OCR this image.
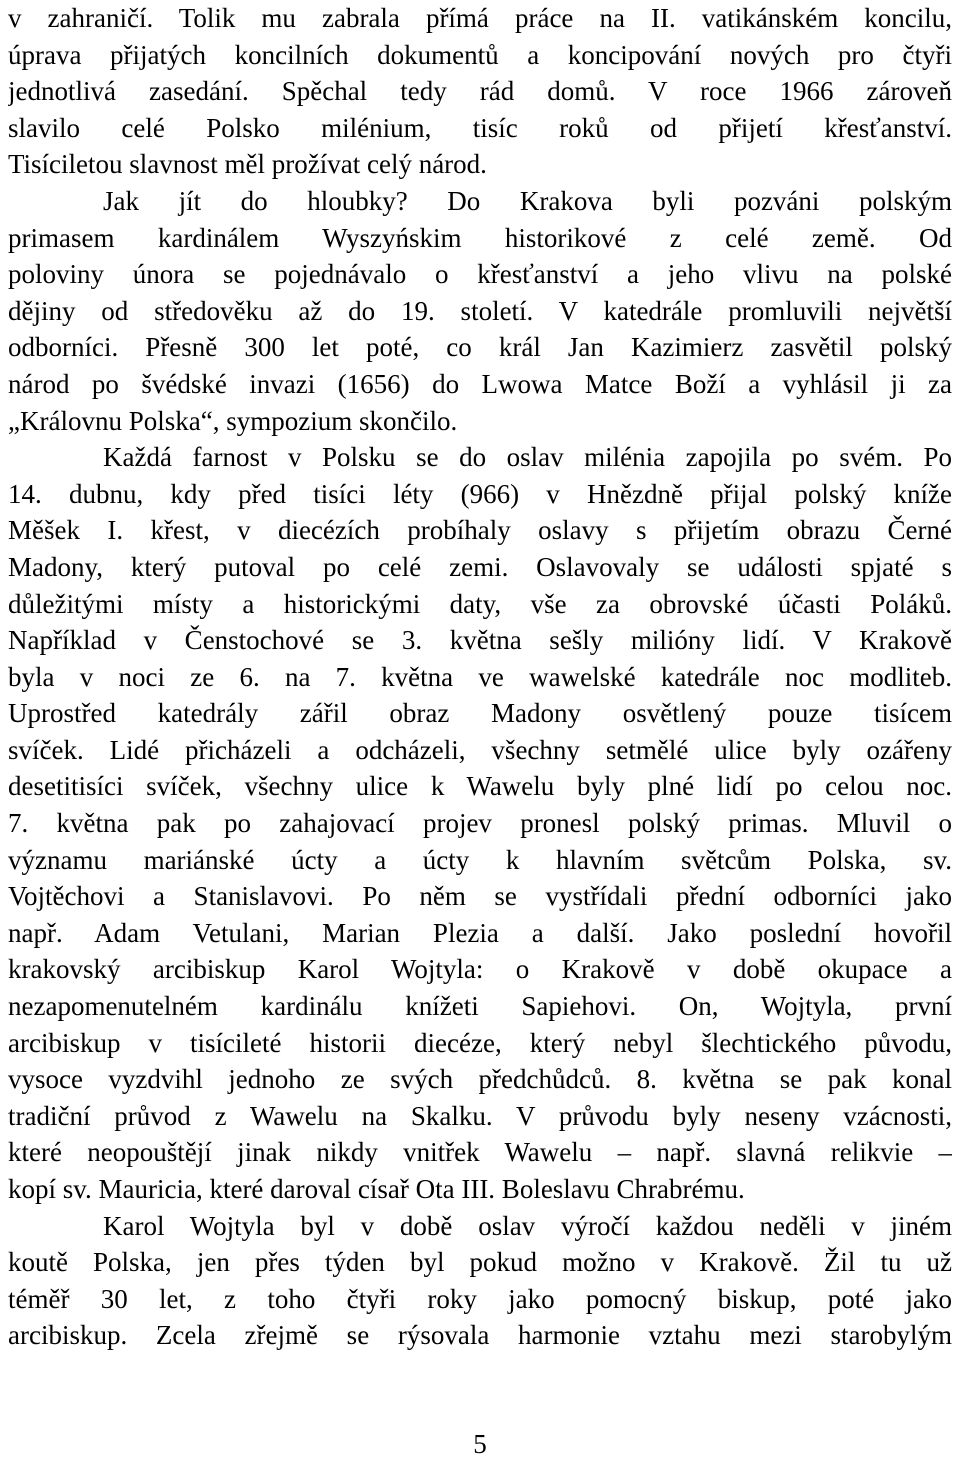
v zahraničí. Tolik mu zabrala přímá práce na II. vatikánském koncilu,
úprava přijatých koncilních dokumentů a koncipování nových pro čtyři
jednotlivá zasedání. Spěchal tedy rád domů. V roce 1966 zároveň
slavilo celé Polsko milénium, tisíc roků od přijetí křesťanství.
Tisíciletou slavnost měl prožívat celý národ.
Jak jít do hloubky? Do Krakova byli pozváni polským
primasem kardinálem Wyszyńskim historikové z celé země. Od
poloviny února se pojednávalo o křesťanství a jeho vlivu na polské
dějiny od středověku až do 19. století. V katedrále promluvili největší
odborníci. Přesně 300 let poté, co král Jan Kazimierz zasvětil polský
národ po švédské invazi (1656) do Lwowa Matce Boží a vyhlásil ji za
„Královnu Polska“, sympozium skončilo.
Každá farnost v Polsku se do oslav milénia zapojila po svém. Po
14. dubnu, kdy před tisíci léty (966) v Hnězdně přijal polský kníže
Měšek I. křest, v diecézích probíhaly oslavy s přijetím obrazu Černé
Madony, který putoval po celé zemi. Oslavovaly se události spjaté s
důležitými místy a historickými daty, vše za obrovské účasti Poláků.
Například v Čenstochové se 3. května sešly milióny lidí. V Krakově
byla v noci ze 6. na 7. května ve wawelské katedrále noc modliteb.
Uprostřed katedrály zářil obraz Madony osvětlený pouze tisícem
svíček. Lidé přicházeli a odcházeli, všechny setmělé ulice byly ozářeny
desetitisíci svíček, všechny ulice k Wawelu byly plné lidí po celou noc.
7. května pak po zahajovací projev pronesl polský primas. Mluvil o
významu mariánské úcty a úcty k hlavním světcům Polska, sv.
Vojtěchovi a Stanislavovi. Po něm se vystřídali přední odborníci jako
např. Adam Vetulani, Marian Plezia a další. Jako poslední hovořil
krakovský arcibiskup Karol Wojtyla: o Krakově v době okupace a
nezapomenutelném kardinálu knížeti Sapiehovi. On, Wojtyla, první
arcibiskup v tisícileté historii diecéze, který nebyl šlechtického původu,
vysoce vyzdvihl jednoho ze svých předchůdců. 8. května se pak konal
tradiční průvod z Wawelu na Skalku. V průvodu byly neseny vzácnosti,
které neopouštějí jinak nikdy vnitřek Wawelu – např. slavná relikvie –
kopí sv. Mauricia, které daroval císař Ota III. Boleslavu Chrabrému.
Karol Wojtyla byl v době oslav výročí každou neděli v jiném
koutě Polska, jen přes týden byl pokud možno v Krakově. Žil tu už
téměř 30 let, z toho čtyři roky jako pomocný biskup, poté jako
arcibiskup. Zcela zřejmě se rýsovala harmonie vztahu mezi starobylým
5
